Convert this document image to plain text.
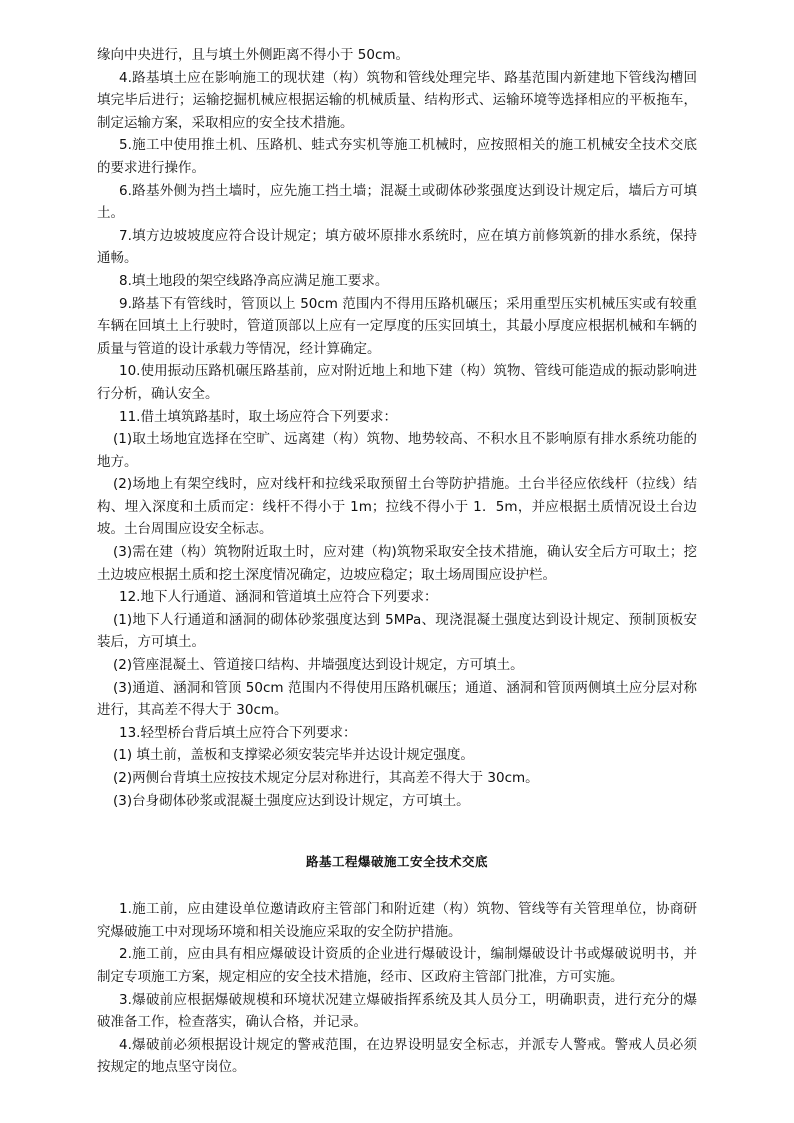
缘向中央进行，且与填土外侧距离不得小于 50cm。

4.路基填土应在影响施工的现状建（构）筑物和管线处理完毕、路基范围内新建地下管线沟槽回填完毕后进行；运输挖掘机械应根据运输的机械质量、结构形式、运输环境等选择相应的平板拖车，制定运输方案，采取相应的安全技术措施。

5.施工中使用推土机、压路机、蛙式夯实机等施工机械时，应按照相关的施工机械安全技术交底的要求进行操作。

6.路基外侧为挡土墙时，应先施工挡土墙；混凝土或砌体砂浆强度达到设计规定后，墙后方可填土。

7.填方边坡坡度应符合设计规定；填方破坏原排水系统时，应在填方前修筑新的排水系统，保持通畅。

8.填土地段的架空线路净高应满足施工要求。

9.路基下有管线时，管顶以上 50cm 范围内不得用压路机碾压；采用重型压实机械压实或有较重车辆在回填土上行驶时，管道顶部以上应有一定厚度的压实回填土，其最小厚度应根据机械和车辆的质量与管道的设计承载力等情况，经计算确定。

10.使用振动压路机碾压路基前，应对附近地上和地下建（构）筑物、管线可能造成的振动影响进行分析，确认安全。

11.借土填筑路基时，取土场应符合下列要求：

(1)取土场地宜选择在空旷、远离建（构）筑物、地势较高、不积水且不影响原有排水系统功能的地方。

(2)场地上有架空线时，应对线杆和拉线采取预留土台等防护措施。土台半径应依线杆（拉线）结构、埋入深度和土质而定：线杆不得小于 1m；拉线不得小于 1．5m，并应根据土质情况设土台边坡。土台周围应设安全标志。

(3)需在建（构）筑物附近取土时，应对建（构)筑物采取安全技术措施，确认安全后方可取土；挖土边坡应根据土质和挖土深度情况确定，边坡应稳定；取土场周围应设护栏。

12.地下人行通道、涵洞和管道填土应符合下列要求：

(1)地下人行通道和涵洞的砌体砂浆强度达到 5MPa、现浇混凝土强度达到设计规定、预制顶板安装后，方可填土。

(2)管座混凝土、管道接口结构、井墙强度达到设计规定，方可填土。

(3)通道、涵洞和管顶 50cm 范围内不得使用压路机碾压；通道、涵洞和管顶两侧填土应分层对称进行，其高差不得大于 30cm。

13.轻型桥台背后填土应符合下列要求：

(1) 填土前，盖板和支撑梁必须安装完毕并达设计规定强度。

(2)两侧台背填土应按技术规定分层对称进行，其高差不得大于 30cm。

(3)台身砌体砂浆或混凝土强度应达到设计规定，方可填土。

路基工程爆破施工安全技术交底

1.施工前，应由建设单位邀请政府主管部门和附近建（构）筑物、管线等有关管理单位，协商研究爆破施工中对现场环境和相关设施应采取的安全防护措施。

2.施工前，应由具有相应爆破设计资质的企业进行爆破设计，编制爆破设计书或爆破说明书，并制定专项施工方案，规定相应的安全技术措施，经市、区政府主管部门批准，方可实施。

3.爆破前应根据爆破规模和环境状况建立爆破指挥系统及其人员分工，明确职责，进行充分的爆破准备工作，检查落实，确认合格，并记录。

4.爆破前必须根据设计规定的警戒范围，在边界设明显安全标志，并派专人警戒。警戒人员必须按规定的地点坚守岗位。
